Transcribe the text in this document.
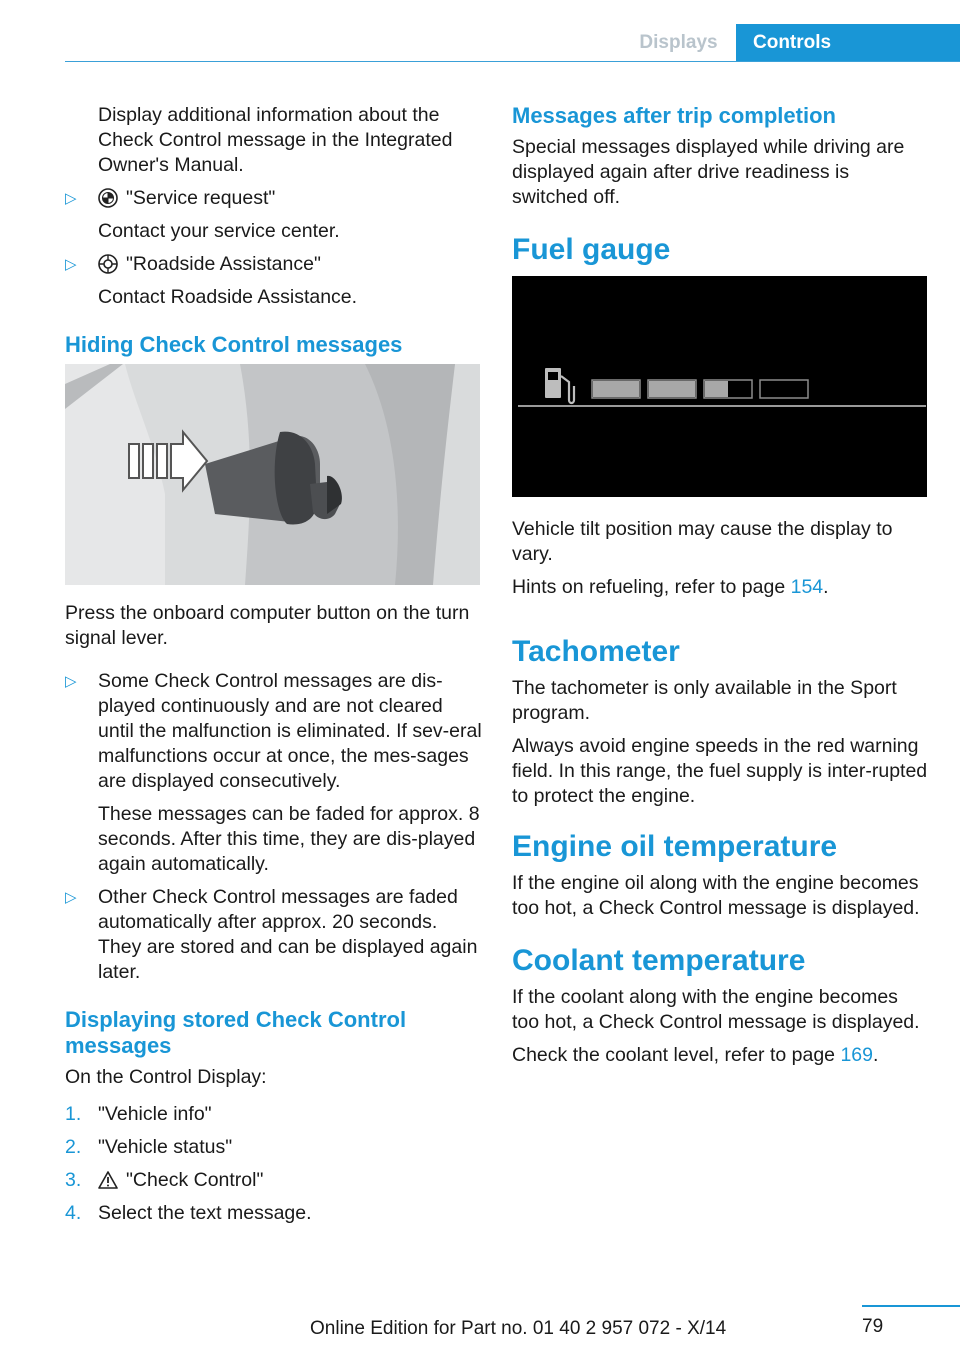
Displays	Controls

Display additional information about the Check Control message in the Integrated Owner's Manual.

▷	"Service request"

Contact your service center.

▷	"Roadside Assistance"

Contact Roadside Assistance.

Hiding Check Control messages

Press the onboard computer button on the turn signal lever.

▷ Some Check Control messages are dis-played continuously and are not cleared until the malfunction is eliminated. If sev-eral malfunctions occur at once, the mes-sages are displayed consecutively.

These messages can be faded for approx. 8 seconds. After this time, they are dis-played again automatically.

▷ Other Check Control messages are faded automatically after approx. 20 seconds. They are stored and can be displayed again later.
Displaying stored Check Control messages

On the Control Display:

1. "Vehicle info"
2. "Vehicle status"
3. "Check Control"
4. Select the text message.
Messages after trip completion

Special messages displayed while driving are displayed again after drive readiness is switched off.

Fuel gauge

Vehicle tilt position may cause the display to vary.

Hints on refueling, refer to page 154.

Tachometer

The tachometer is only available in the Sport program.

Always avoid engine speeds in the red warning field. In this range, the fuel supply is inter-rupted to protect the engine.

Engine oil temperature

If the engine oil along with the engine becomes too hot, a Check Control message is displayed.

Coolant temperature

If the coolant along with the engine becomes too hot, a Check Control message is displayed.

Check the coolant level, refer to page 169.

79
Online Edition for Part no. 01 40 2 957 072 - X/14
